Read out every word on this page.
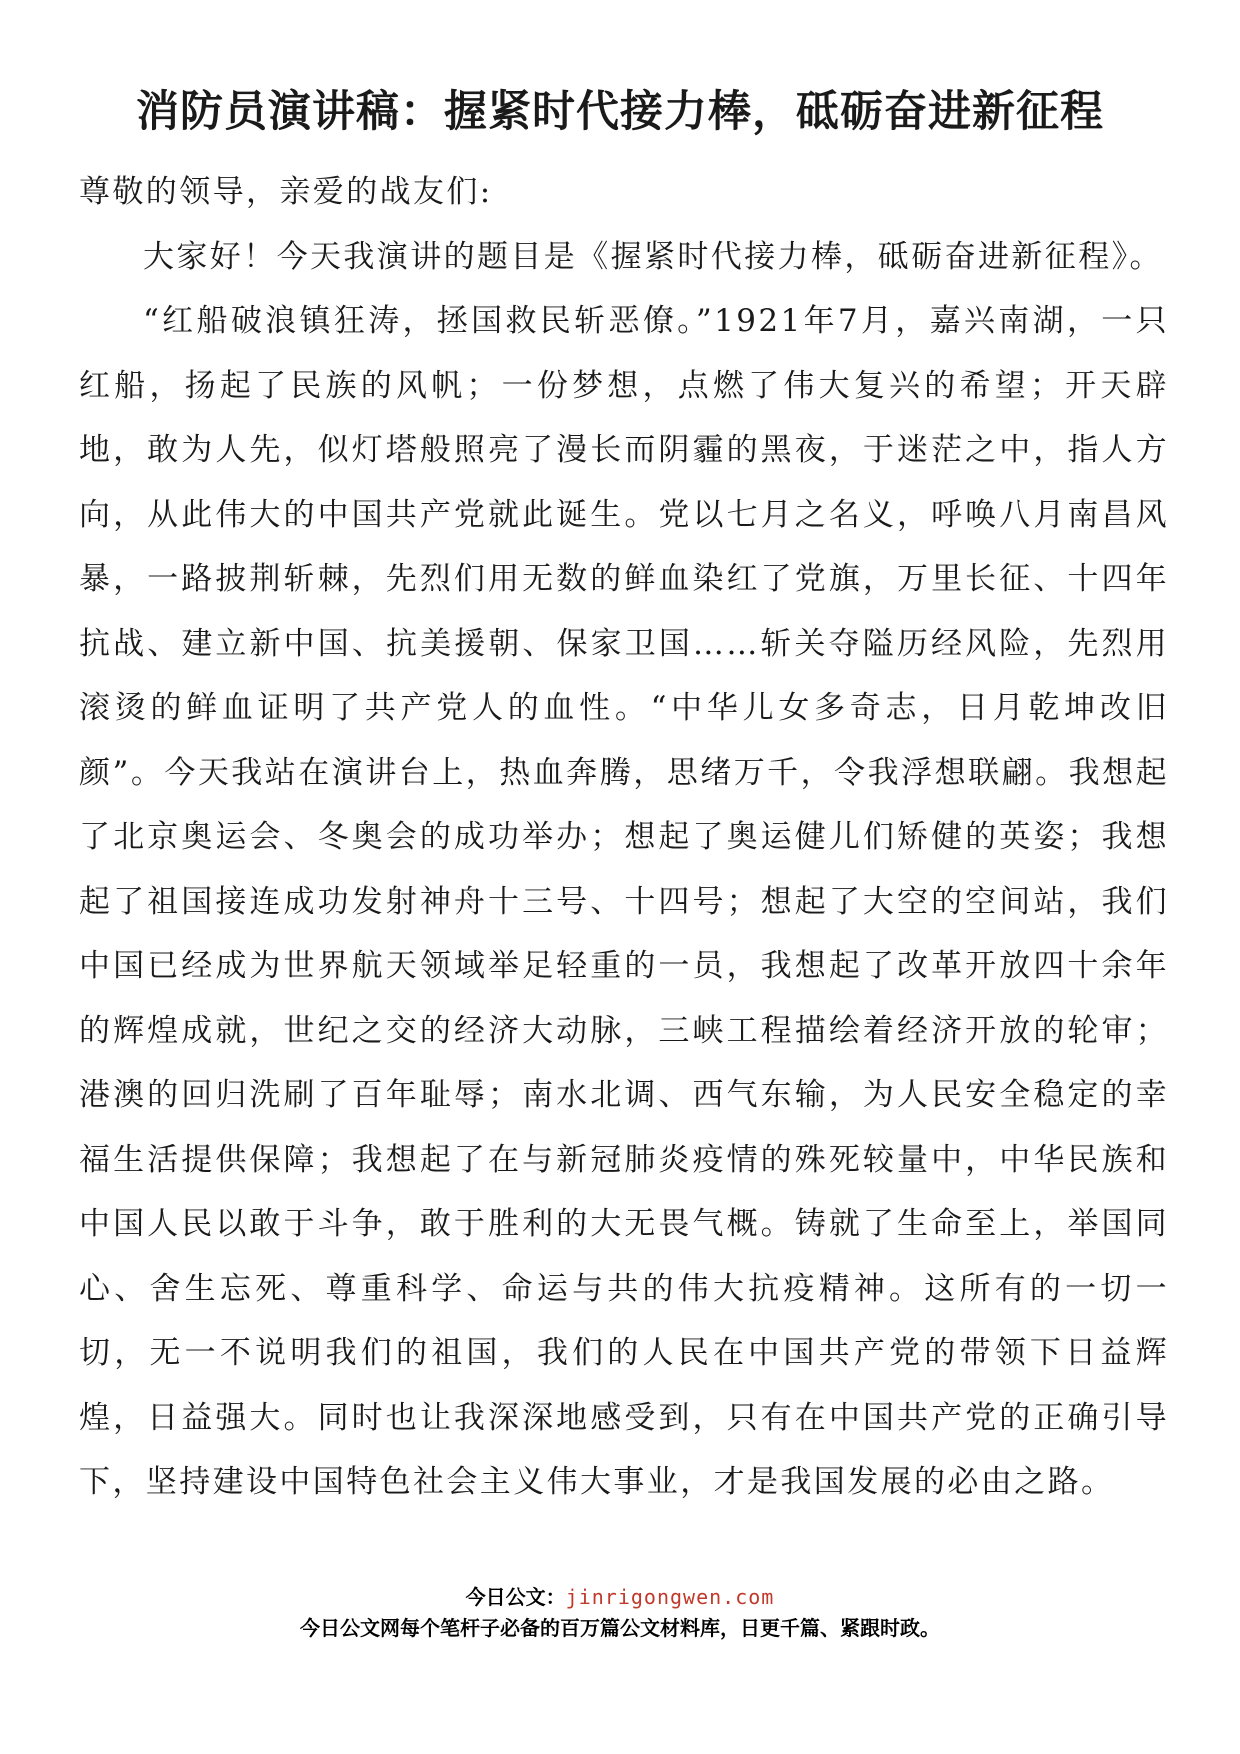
消防员演讲稿：握紧时代接力棒，砥砺奋进新征程

尊敬的领导，亲爱的战友们:

大家好！今天我演讲的题目是《握紧时代接力棒，砥砺奋进新征程》。

“红船破浪镇狂涛，拯国救民斩恶僚。”1921年7月，嘉兴南湖，一只红船，扬起了民族的风帆；一份梦想，点燃了伟大复兴的希望；开天辟地，敢为人先，似灯塔般照亮了漫长而阴霾的黑夜，于迷茫之中，指人方向，从此伟大的中国共产党就此诞生。党以七月之名义，呼唤八月南昌风暴，一路披荆斩棘，先烈们用无数的鲜血染红了党旗，万里长征、十四年抗战、建立新中国、抗美援朝、保家卫国……斩关夺隘历经风险，先烈用滚烫的鲜血证明了共产党人的血性。“中华儿女多奇志，日月乾坤改旧颜”。今天我站在演讲台上，热血奔腾，思绪万千，令我浮想联翩。我想起了北京奥运会、冬奥会的成功举办；想起了奥运健儿们矫健的英姿；我想起了祖国接连成功发射神舟十三号、十四号；想起了大空的空间站，我们中国已经成为世界航天领域举足轻重的一员，我想起了改革开放四十余年的辉煌成就，世纪之交的经济大动脉，三峡工程描绘着经济开放的轮审；港澳的回归洗刷了百年耻辱；南水北调、西气东输，为人民安全稳定的幸福生活提供保障；我想起了在与新冠肺炎疫情的殊死较量中，中华民族和中国人民以敢于斗争，敢于胜利的大无畏气概。铸就了生命至上，举国同心、舍生忘死、尊重科学、命运与共的伟大抗疫精神。这所有的一切一切，无一不说明我们的祖国，我们的人民在中国共产党的带领下日益辉煌，日益强大。同时也让我深深地感受到，只有在中国共产党的正确引导下，坚持建设中国特色社会主义伟大事业，才是我国发展的必由之路。

今日公文：jinrigongwen.com
今日公文网每个笔杆子必备的百万篇公文材料库，日更千篇、紧跟时政。
